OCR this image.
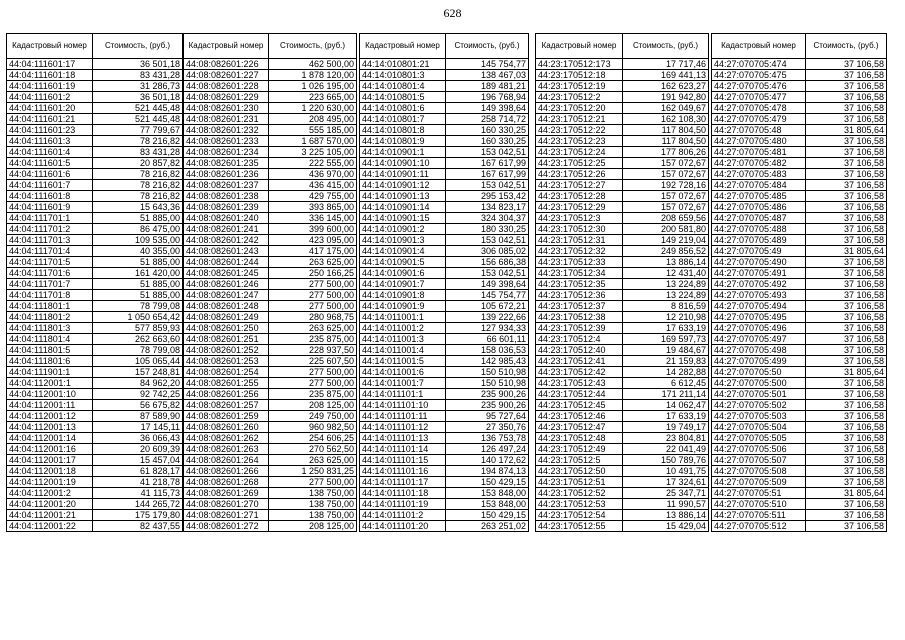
628
Кадастровый номер	Стоимость, (руб.)
44:04:111601:17	36 501,18
44:04:111601:18	83 431,28
44:04:111601:19	31 286,73
44:04:111601:2	36 501,18
44:04:111601:20	521 445,48
44:04:111601:21	521 445,48
44:04:111601:23	77 799,67
44:04:111601:3	78 216,82
44:04:111601:4	83 431,28
44:04:111601:5	20 857,82
44:04:111601:6	78 216,82
44:04:111601:7	78 216,82
44:04:111601:8	78 216,82
44:04:111601:9	15 643,36
44:04:111701:1	51 885,00
44:04:111701:2	86 475,00
44:04:111701:3	109 535,00
44:04:111701:4	40 355,00
44:04:111701:5	51 885,00
44:04:111701:6	161 420,00
44:04:111701:7	51 885,00
44:04:111701:8	51 885,00
44:04:111801:1	78 799,08
44:04:111801:2	1 050 654,42
44:04:111801:3	577 859,93
44:04:111801:4	262 663,60
44:04:111801:5	78 799,08
44:04:111801:6	105 065,44
44:04:111901:1	157 248,81
44:04:112001:1	84 962,20
44:04:112001:10	92 742,25
44:04:112001:11	56 675,82
44:04:112001:12	87 589,90
44:04:112001:13	17 145,11
44:04:112001:14	36 066,43
44:04:112001:16	20 609,39
44:04:112001:17	15 457,04
44:04:112001:18	61 828,17
44:04:112001:19	41 218,78
44:04:112001:2	41 115,73
44:04:112001:20	144 265,72
44:04:112001:21	175 179,80
44:04:112001:22	82 437,55
Кадастровый номер	Стоимость, (руб.)
44:08:082601:226	462 500,00
44:08:082601:227	1 878 120,00
44:08:082601:228	1 026 195,00
44:08:082601:229	223 665,00
44:08:082601:230	1 220 630,00
44:08:082601:231	208 495,00
44:08:082601:232	555 185,00
44:08:082601:233	1 687 570,00
44:08:082601:234	3 225 105,00
44:08:082601:235	222 555,00
44:08:082601:236	436 970,00
44:08:082601:237	436 415,00
44:08:082601:238	429 755,00
44:08:082601:239	393 865,00
44:08:082601:240	336 145,00
44:08:082601:241	399 600,00
44:08:082601:242	423 095,00
44:08:082601:243	417 175,00
44:08:082601:244	263 625,00
44:08:082601:245	250 166,25
44:08:082601:246	277 500,00
44:08:082601:247	277 500,00
44:08:082601:248	277 500,00
44:08:082601:249	280 968,75
44:08:082601:250	263 625,00
44:08:082601:251	235 875,00
44:08:082601:252	228 937,50
44:08:082601:253	225 607,50
44:08:082601:254	277 500,00
44:08:082601:255	277 500,00
44:08:082601:256	235 875,00
44:08:082601:257	208 125,00
44:08:082601:259	249 750,00
44:08:082601:260	960 982,50
44:08:082601:262	254 606,25
44:08:082601:263	270 562,50
44:08:082601:264	263 625,00
44:08:082601:266	1 250 831,25
44:08:082601:268	277 500,00
44:08:082601:269	138 750,00
44:08:082601:270	138 750,00
44:08:082601:271	138 750,00
44:08:082601:272	208 125,00
Кадастровый номер	Стоимость, (руб.)
44:14:010801:21	145 754,77
44:14:010801:3	138 467,03
44:14:010801:4	189 481,21
44:14:010801:5	196 768,94
44:14:010801:6	149 398,64
44:14:010801:7	258 714,72
44:14:010801:8	160 330,25
44:14:010801:9	160 330,25
44:14:010901:1	153 042,51
44:14:010901:10	167 617,99
44:14:010901:11	167 617,99
44:14:010901:12	153 042,51
44:14:010901:13	295 153,42
44:14:010901:14	134 823,17
44:14:010901:15	324 304,37
44:14:010901:2	180 330,25
44:14:010901:3	153 042,51
44:14:010901:4	306 085,02
44:14:010901:5	156 686,38
44:14:010901:6	153 042,51
44:14:010901:7	149 398,64
44:14:010901:8	145 754,77
44:14:010901:9	105 672,21
44:14:011001:1	139 222,66
44:14:011001:2	127 934,33
44:14:011001:3	66 601,11
44:14:011001:4	158 036,53
44:14:011001:5	142 985,43
44:14:011001:6	150 510,98
44:14:011001:7	150 510,98
44:14:011101:1	235 900,26
44:14:011101:10	235 900,26
44:14:011101:11	95 727,64
44:14:011101:12	27 350,76
44:14:011101:13	136 753,78
44:14:011101:14	126 497,24
44:14:011101:15	140 172,62
44:14:011101:16	194 874,13
44:14:011101:17	150 429,15
44:14:011101:18	153 848,00
44:14:011101:19	153 848,00
44:14:011101:2	150 429,15
44:14:011101:20	263 251,02
Кадастровый номер	Стоимость, (руб.)
44:23:170512:173	17 717,46
44:23:170512:18	169 441,13
44:23:170512:19	162 623,27
44:23:170512:2	191 942,80
44:23:170512:20	162 049,67
44:23:170512:21	162 108,30
44:23:170512:22	117 804,50
44:23:170512:23	117 804,50
44:23:170512:24	177 806,26
44:23:170512:25	157 072,67
44:23:170512:26	157 072,67
44:23:170512:27	192 728,16
44:23:170512:28	157 072,67
44:23:170512:29	157 072,67
44:23:170512:3	208 659,56
44:23:170512:30	200 581,80
44:23:170512:31	149 219,04
44:23:170512:32	249 856,52
44:23:170512:33	13 886,14
44:23:170512:34	12 431,40
44:23:170512:35	13 224,89
44:23:170512:36	13 224,89
44:23:170512:37	8 816,59
44:23:170512:38	12 210,98
44:23:170512:39	17 633,19
44:23:170512:4	169 597,73
44:23:170512:40	19 484,67
44:23:170512:41	21 159,83
44:23:170512:42	14 282,88
44:23:170512:43	6 612,45
44:23:170512:44	171 211,14
44:23:170512:45	14 062,47
44:23:170512:46	17 633,19
44:23:170512:47	19 749,17
44:23:170512:48	23 804,81
44:23:170512:49	22 041,49
44:23:170512:5	150 789,76
44:23:170512:50	10 491,75
44:23:170512:51	17 324,61
44:23:170512:52	25 347,71
44:23:170512:53	11 990,57
44:23:170512:54	13 886,14
44:23:170512:55	15 429,04
Кадастровый номер	Стоимость, (руб.)
44:27:070705:474	37 106,58
44:27:070705:475	37 106,58
44:27:070705:476	37 106,58
44:27:070705:477	37 106,58
44:27:070705:478	37 106,58
44:27:070705:479	37 106,58
44:27:070705:48	31 805,64
44:27:070705:480	37 106,58
44:27:070705:481	37 106,58
44:27:070705:482	37 106,58
44:27:070705:483	37 106,58
44:27:070705:484	37 106,58
44:27:070705:485	37 106,58
44:27:070705:486	37 106,58
44:27:070705:487	37 106,58
44:27:070705:488	37 106,58
44:27:070705:489	37 106,58
44:27:070705:49	31 805,64
44:27:070705:490	37 106,58
44:27:070705:491	37 106,58
44:27:070705:492	37 106,58
44:27:070705:493	37 106,58
44:27:070705:494	37 106,58
44:27:070705:495	37 106,58
44:27:070705:496	37 106,58
44:27:070705:497	37 106,58
44:27:070705:498	37 106,58
44:27:070705:499	37 106,58
44:27:070705:50	31 805,64
44:27:070705:500	37 106,58
44:27:070705:501	37 106,58
44:27:070705:502	37 106,58
44:27:070705:503	37 106,58
44:27:070705:504	37 106,58
44:27:070705:505	37 106,58
44:27:070705:506	37 106,58
44:27:070705:507	37 106,58
44:27:070705:508	37 106,58
44:27:070705:509	37 106,58
44:27:070705:51	31 805,64
44:27:070705:510	37 106,58
44:27:070705:511	37 106,58
44:27:070705:512	37 106,58
